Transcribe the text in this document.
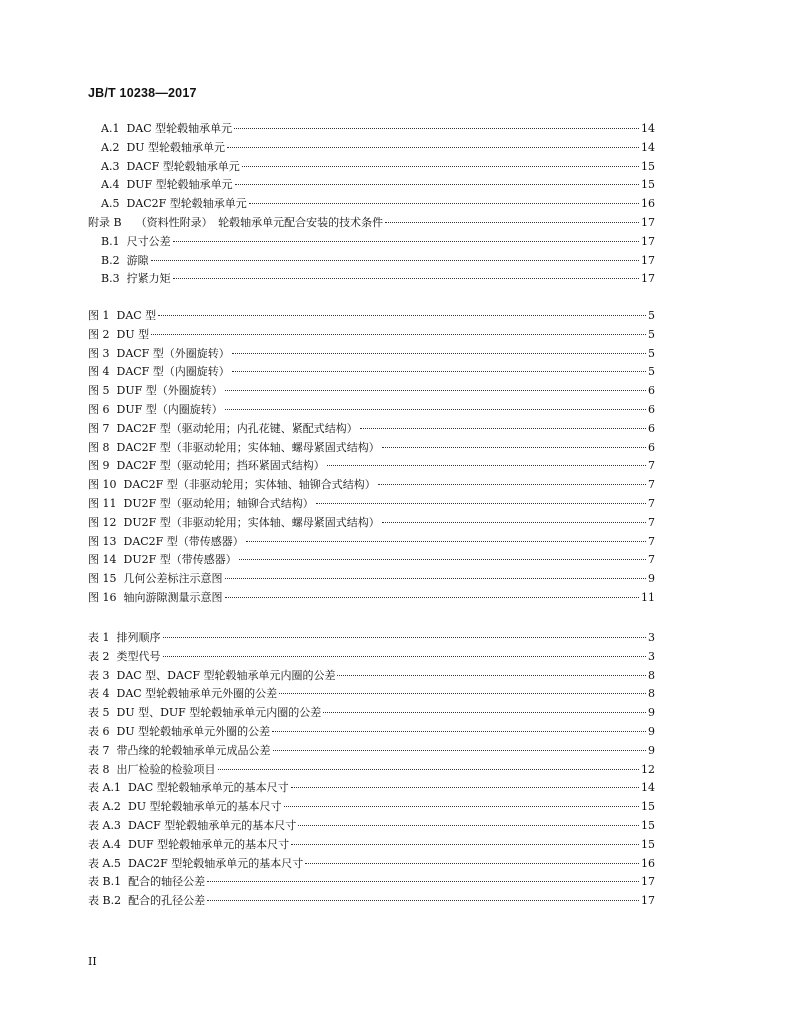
JB/T 10238—2017
A.1 DAC 型轮毂轴承单元	14
A.2 DU 型轮毂轴承单元	14
A.3 DACF 型轮毂轴承单元	15
A.4 DUF 型轮毂轴承单元	15
A.5 DAC2F 型轮毂轴承单元	16
附录 B （资料性附录）　轮毂轴承单元配合安装的技术条件	17
B.1 尺寸公差	17
B.2 游隙	17
B.3 拧紧力矩	17
图 1 DAC 型	5
图 2 DU 型	5
图 3 DACF 型（外圈旋转）	5
图 4 DACF 型（内圈旋转）	5
图 5 DUF 型（外圈旋转）	6
图 6 DUF 型（内圈旋转）	6
图 7 DAC2F 型（驱动轮用；内孔花键、紧配式结构）	6
图 8 DAC2F 型（非驱动轮用；实体轴、螺母紧固式结构）	6
图 9 DAC2F 型（驱动轮用；挡环紧固式结构）	7
图 10 DAC2F 型（非驱动轮用；实体轴、轴铆合式结构）	7
图 11 DU2F 型（驱动轮用；轴铆合式结构）	7
图 12 DU2F 型（非驱动轮用；实体轴、螺母紧固式结构）	7
图 13 DAC2F 型（带传感器）	7
图 14 DU2F 型（带传感器）	7
图 15 几何公差标注示意图	9
图 16 轴向游隙测量示意图	11
表 1 排列顺序	3
表 2 类型代号	3
表 3 DAC 型、DACF 型轮毂轴承单元内圈的公差	8
表 4 DAC 型轮毂轴承单元外圈的公差	8
表 5 DU 型、DUF 型轮毂轴承单元内圈的公差	9
表 6 DU 型轮毂轴承单元外圈的公差	9
表 7 带凸缘的轮毂轴承单元成品公差	9
表 8 出厂检验的检验项目	12
表 A.1 DAC 型轮毂轴承单元的基本尺寸	14
表 A.2 DU 型轮毂轴承单元的基本尺寸	15
表 A.3 DACF 型轮毂轴承单元的基本尺寸	15
表 A.4 DUF 型轮毂轴承单元的基本尺寸	15
表 A.5 DAC2F 型轮毂轴承单元的基本尺寸	16
表 B.1 配合的轴径公差	17
表 B.2 配合的孔径公差	17
II
